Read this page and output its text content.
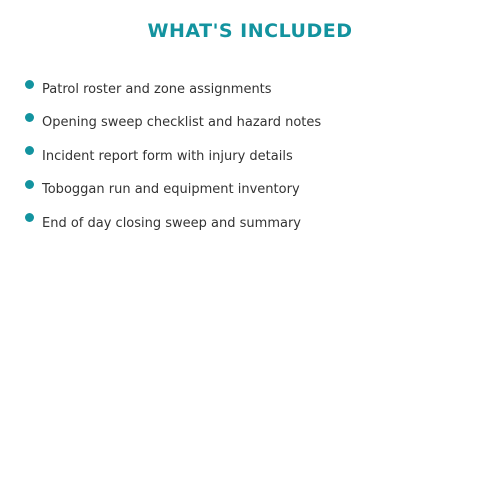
WHAT'S INCLUDED
Patrol roster and zone assignments
Opening sweep checklist and hazard notes
Incident report form with injury details
Toboggan run and equipment inventory
End of day closing sweep and summary
